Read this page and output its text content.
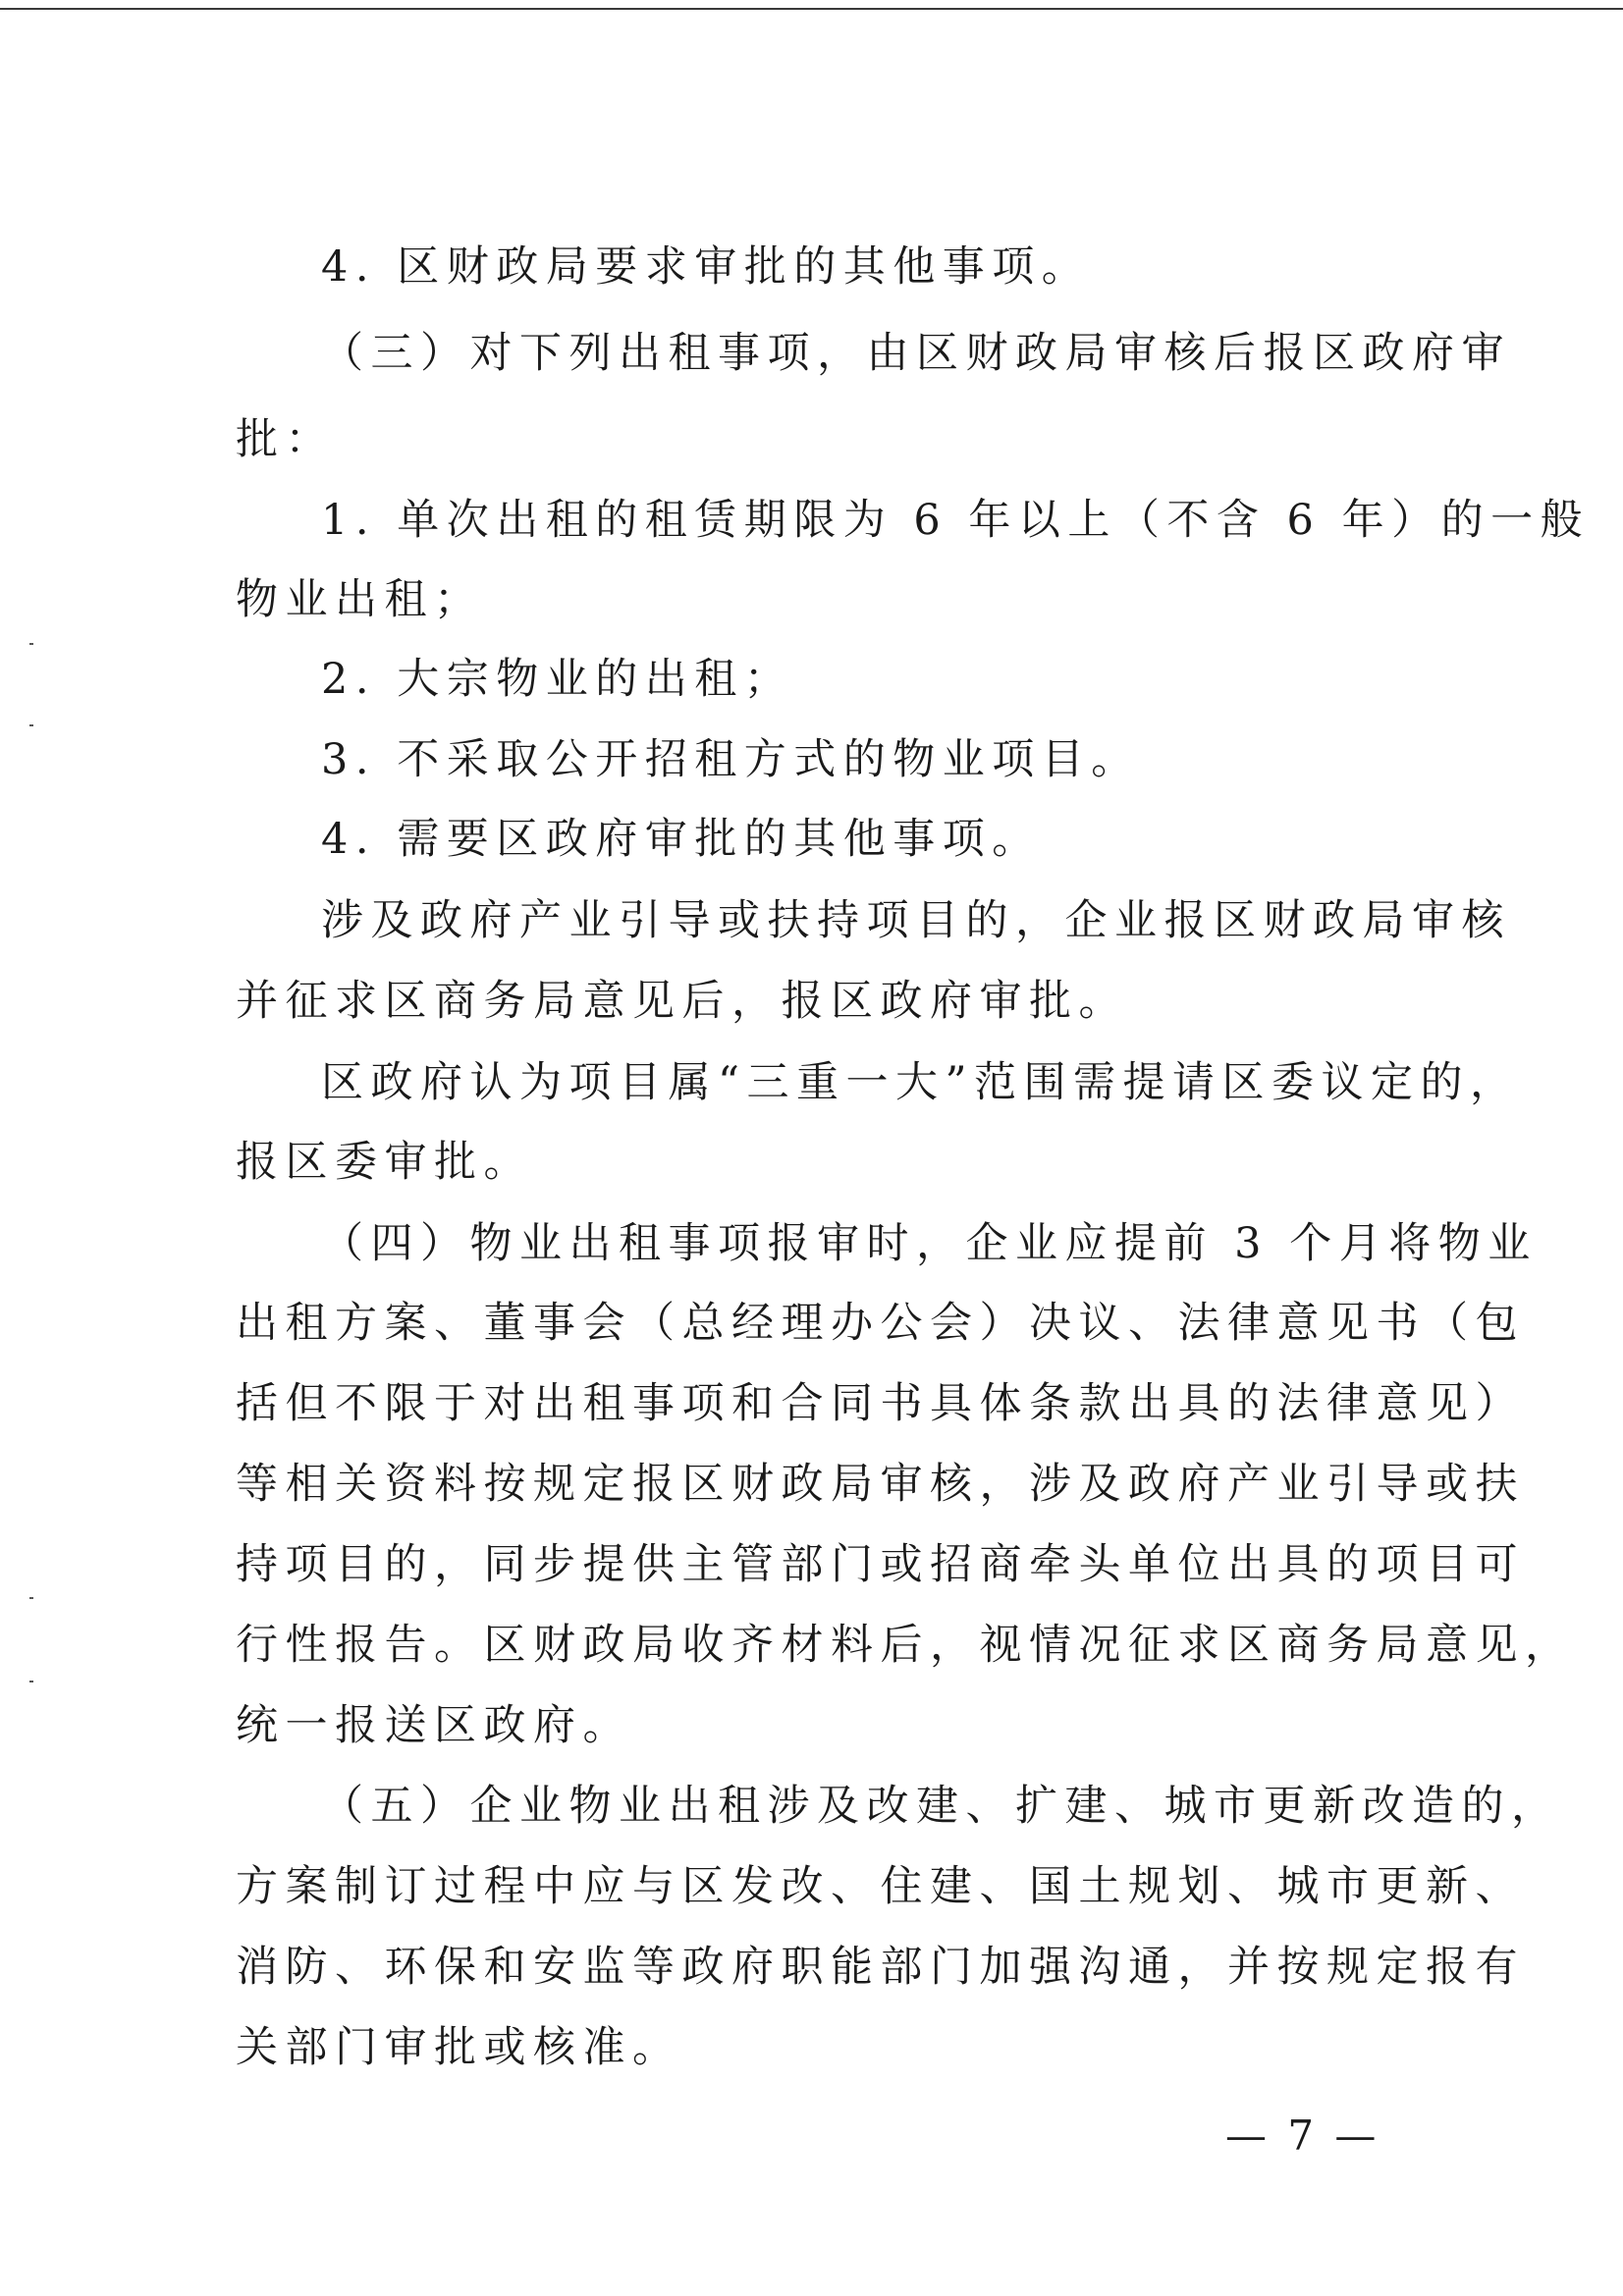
4. 区财政局要求审批的其他事项。
（三）对下列出租事项，由区财政局审核后报区政府审
批：
1. 单次出租的租赁期限为 6 年以上（不含 6 年）的一般
物业出租；
2. 大宗物业的出租；
3. 不采取公开招租方式的物业项目。
4. 需要区政府审批的其他事项。
涉及政府产业引导或扶持项目的，企业报区财政局审核
并征求区商务局意见后，报区政府审批。
区政府认为项目属“三重一大”范围需提请区委议定的，
报区委审批。
（四）物业出租事项报审时，企业应提前 3 个月将物业
出租方案、董事会（总经理办公会）决议、法律意见书（包
括但不限于对出租事项和合同书具体条款出具的法律意见）
等相关资料按规定报区财政局审核，涉及政府产业引导或扶
持项目的，同步提供主管部门或招商牵头单位出具的项目可
行性报告。区财政局收齐材料后，视情况征求区商务局意见，
统一报送区政府。
（五）企业物业出租涉及改建、扩建、城市更新改造的，
方案制订过程中应与区发改、住建、国土规划、城市更新、
消防、环保和安监等政府职能部门加强沟通，并按规定报有
关部门审批或核准。
— 7 —
